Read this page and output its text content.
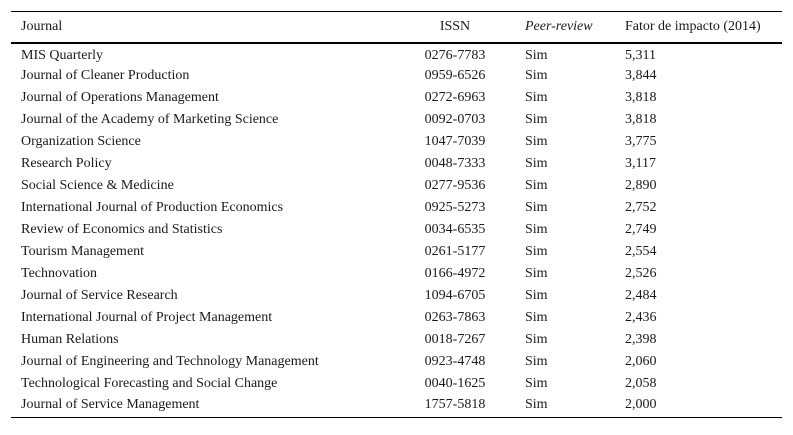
Journal	ISSN	Peer-review	Fator de impacto (2014)
MIS Quarterly	0276-7783	Sim	5,311
Journal of Cleaner Production	0959-6526	Sim	3,844
Journal of Operations Management	0272-6963	Sim	3,818
Journal of the Academy of Marketing Science	0092-0703	Sim	3,818
Organization Science	1047-7039	Sim	3,775
Research Policy	0048-7333	Sim	3,117
Social Science & Medicine	0277-9536	Sim	2,890
International Journal of Production Economics	0925-5273	Sim	2,752
Review of Economics and Statistics	0034-6535	Sim	2,749
Tourism Management	0261-5177	Sim	2,554
Technovation	0166-4972	Sim	2,526
Journal of Service Research	1094-6705	Sim	2,484
International Journal of Project Management	0263-7863	Sim	2,436
Human Relations	0018-7267	Sim	2,398
Journal of Engineering and Technology Management	0923-4748	Sim	2,060
Technological Forecasting and Social Change	0040-1625	Sim	2,058
Journal of Service Management	1757-5818	Sim	2,000
